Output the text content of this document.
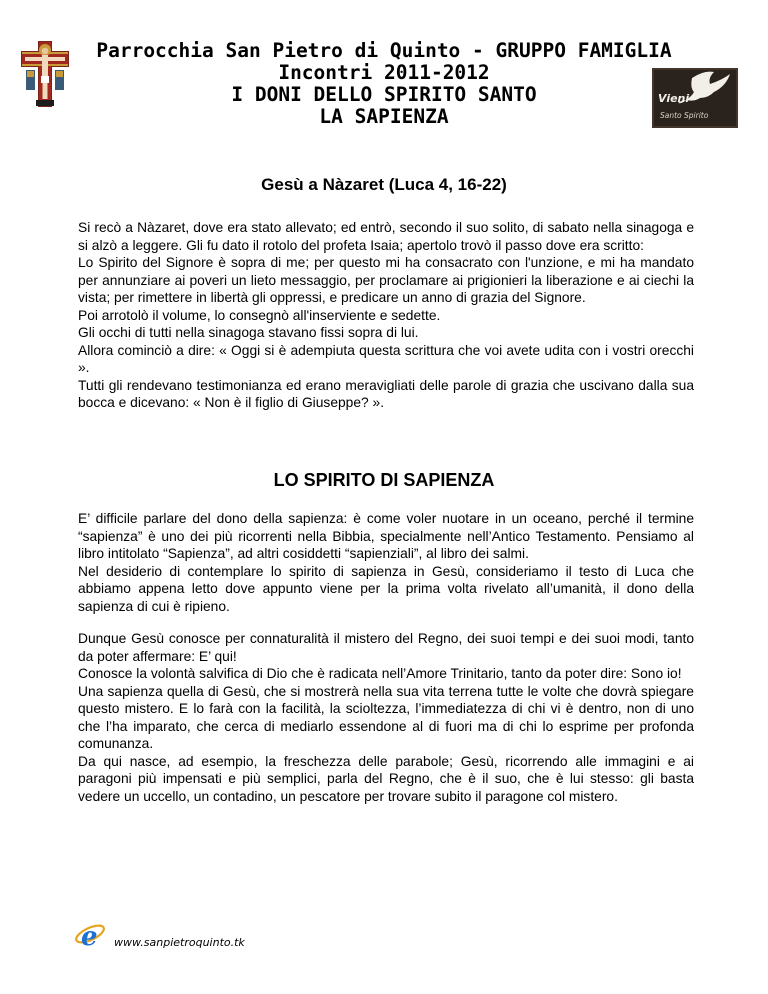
Parrocchia San Pietro di Quinto - GRUPPO FAMIGLIA
Incontri 2011-2012
I DONI DELLO SPIRITO SANTO
LA SAPIENZA
Vieni
Santo Spirito
Gesù a Nàzaret (Luca 4, 16-22)

Si recò a Nàzaret, dove era stato allevato; ed entrò, secondo il suo solito, di sabato nella sinagoga e si alzò a leggere. Gli fu dato il rotolo del profeta Isaia; apertolo trovò il passo dove era scritto:

Lo Spirito del Signore è sopra di me; per questo mi ha consacrato con l'unzione, e mi ha mandato per annunziare ai poveri un lieto messaggio, per proclamare ai prigionieri la liberazione e ai ciechi la vista; per rimettere in libertà gli oppressi, e predicare un anno di grazia del Signore.

Poi arrotolò il volume, lo consegnò all'inserviente e sedette.

Gli occhi di tutti nella sinagoga stavano fissi sopra di lui.

Allora cominciò a dire: « Oggi si è adempiuta questa scrittura che voi avete udita con i vostri orecchi ».

Tutti gli rendevano testimonianza ed erano meravigliati delle parole di grazia che uscivano dalla sua bocca e dicevano: « Non è il figlio di Giuseppe? ».

LO SPIRITO DI SAPIENZA

E’ difficile parlare del dono della sapienza: è come voler nuotare in un oceano, perché il termine “sapienza” è uno dei più ricorrenti nella Bibbia, specialmente nell’Antico Testamento. Pensiamo al libro intitolato “Sapienza”, ad altri cosiddetti “sapienziali”, al libro dei salmi.

Nel desiderio di contemplare lo spirito di sapienza in Gesù, consideriamo il testo di Luca che abbiamo appena letto dove appunto viene per la prima volta rivelato all’umanità, il dono della sapienza di cui è ripieno.

Dunque Gesù conosce per connaturalità il mistero del Regno, dei suoi tempi e dei suoi modi, tanto da poter affermare: E’ qui!

Conosce la volontà salvifica di Dio che è radicata nell’Amore Trinitario, tanto da poter dire: Sono io!

Una sapienza quella di Gesù, che si mostrerà nella sua vita terrena tutte le volte che dovrà spiegare questo mistero. E lo farà con la facilità, la scioltezza, l’immediatezza di chi vi è dentro, non di uno che l’ha imparato, che cerca di mediarlo essendone al di fuori ma di chi lo esprime per profonda comunanza.

Da qui nasce, ad esempio, la freschezza delle parabole; Gesù, ricorrendo alle immagini e ai paragoni più impensati e più semplici, parla del Regno, che è il suo, che è lui stesso: gli basta vedere un uccello, un contadino, un pescatore per trovare subito il paragone col mistero.

e www.sanpietroquinto.tk
